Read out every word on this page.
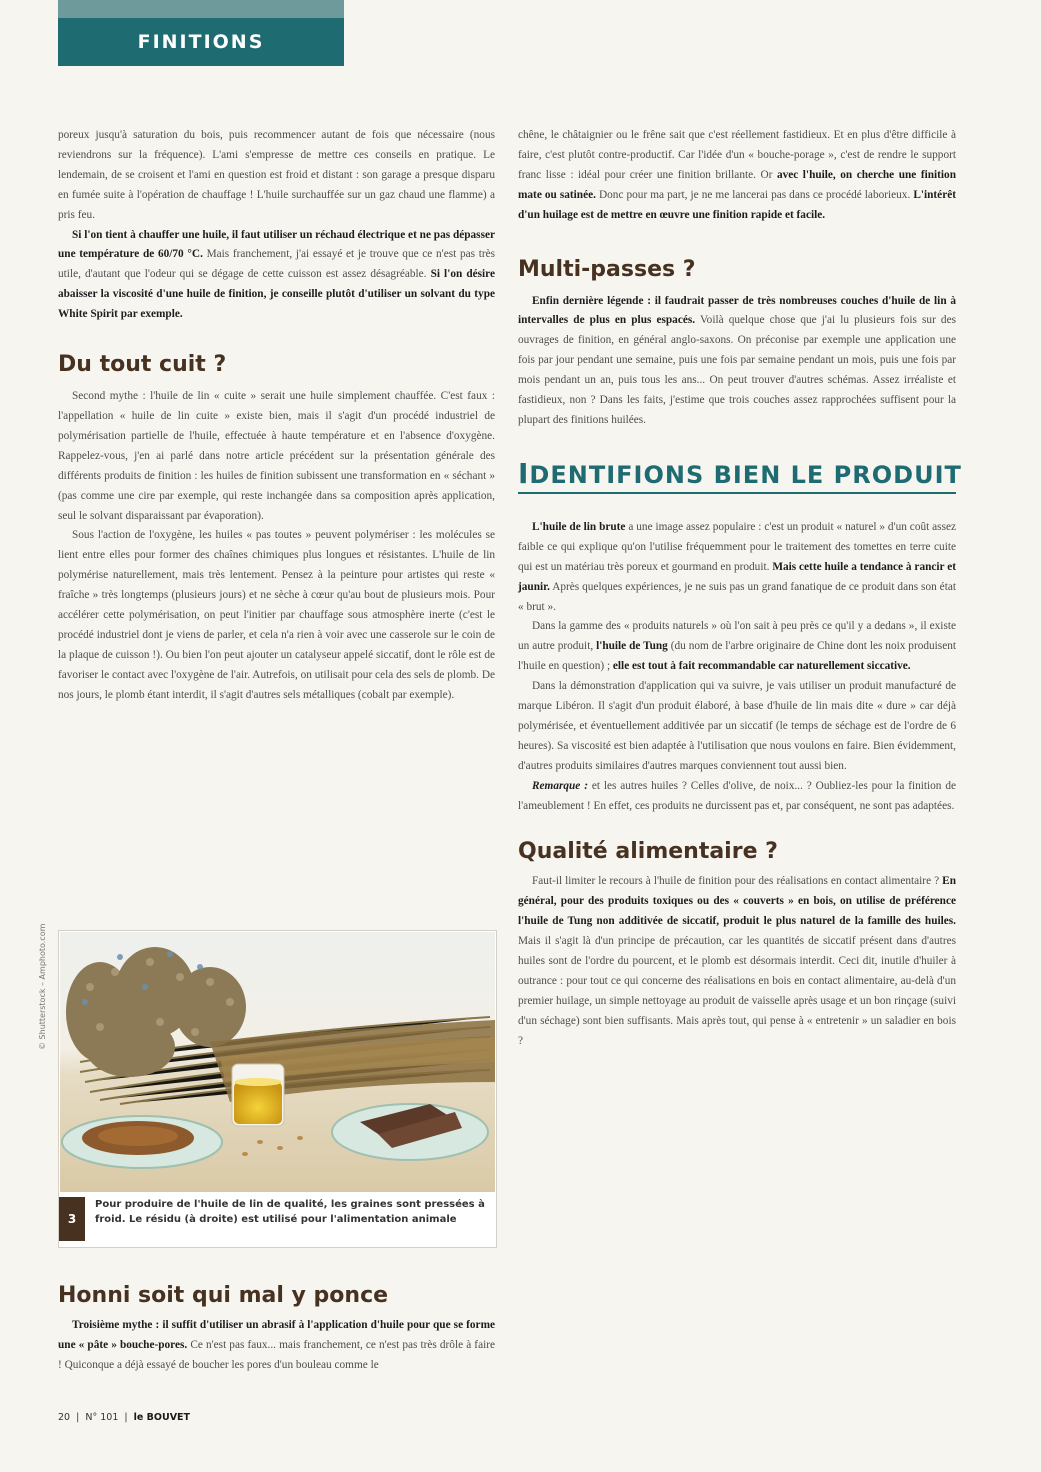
FINITIONS

poreux jusqu'à saturation du bois, puis recommencer autant de fois que nécessaire (nous reviendrons sur la fréquence). L'ami s'empresse de mettre ces conseils en pratique. Le lendemain, de se croisent et l'ami en question est froid et distant : son garage a presque disparu en fumée suite à l'opération de chauffage ! L'huile surchauffée sur un gaz chaud une flamme) a pris feu.

Si l'on tient à chauffer une huile, il faut utiliser un réchaud électrique et ne pas dépasser une température de 60/70 °C. Mais franchement, j'ai essayé et je trouve que ce n'est pas très utile, d'autant que l'odeur qui se dégage de cette cuisson est assez désagréable. Si l'on désire abaisser la viscosité d'une huile de finition, je conseille plutôt d'utiliser un solvant du type White Spirit par exemple.

Du tout cuit ?

Second mythe : l'huile de lin « cuite » serait une huile simplement chauffée. C'est faux : l'appellation « huile de lin cuite » existe bien, mais il s'agit d'un procédé industriel de polymérisation partielle de l'huile, effectuée à haute température et en l'absence d'oxygène. Rappelez-vous, j'en ai parlé dans notre article précédent sur la présentation générale des différents produits de finition : les huiles de finition subissent une transformation en « séchant » (pas comme une cire par exemple, qui reste inchangée dans sa composition après application, seul le solvant disparaissant par évaporation).

Sous l'action de l'oxygène, les huiles « pas toutes » peuvent polymériser : les molécules se lient entre elles pour former des chaînes chimiques plus longues et résistantes. L'huile de lin polymérise naturellement, mais très lentement. Pensez à la peinture pour artistes qui reste « fraîche » très longtemps (plusieurs jours) et ne sèche à cœur qu'au bout de plusieurs mois. Pour accélérer cette polymérisation, on peut l'initier par chauffage sous atmosphère inerte (c'est le procédé industriel dont je viens de parler, et cela n'a rien à voir avec une casserole sur le coin de la plaque de cuisson !). Ou bien l'on peut ajouter un catalyseur appelé siccatif, dont le rôle est de favoriser le contact avec l'oxygène de l'air. Autrefois, on utilisait pour cela des sels de plomb. De nos jours, le plomb étant interdit, il s'agit d'autres sels métalliques (cobalt par exemple).

3
Pour produire de l'huile de lin de qualité, les graines sont pressées à froid. Le résidu (à droite) est utilisé pour l'alimentation animale
© Shutterstock – Amphoto.com
Honni soit qui mal y ponce

Troisième mythe : il suffit d'utiliser un abrasif à l'application d'huile pour que se forme une « pâte » bouche-pores. Ce n'est pas faux... mais franchement, ce n'est pas très drôle à faire ! Quiconque a déjà essayé de boucher les pores d'un bouleau comme le

chêne, le châtaignier ou le frêne sait que c'est réellement fastidieux. Et en plus d'être difficile à faire, c'est plutôt contre-productif. Car l'idée d'un « bouche-porage », c'est de rendre le support franc lisse : idéal pour créer une finition brillante. Or avec l'huile, on cherche une finition mate ou satinée. Donc pour ma part, je ne me lancerai pas dans ce procédé laborieux. L'intérêt d'un huilage est de mettre en œuvre une finition rapide et facile.

Multi-passes ?

Enfin dernière légende : il faudrait passer de très nombreuses couches d'huile de lin à intervalles de plus en plus espacés. Voilà quelque chose que j'ai lu plusieurs fois sur des ouvrages de finition, en général anglo-saxons. On préconise par exemple une application une fois par jour pendant une semaine, puis une fois par semaine pendant un mois, puis une fois par mois pendant un an, puis tous les ans... On peut trouver d'autres schémas. Assez irréaliste et fastidieux, non ? Dans les faits, j'estime que trois couches assez rapprochées suffisent pour la plupart des finitions huilées.

IDENTIFIONS BIEN LE PRODUIT

L'huile de lin brute a une image assez populaire : c'est un produit « naturel » d'un coût assez faible ce qui explique qu'on l'utilise fréquemment pour le traitement des tomettes en terre cuite qui est un matériau très poreux et gourmand en produit. Mais cette huile a tendance à rancir et jaunir. Après quelques expériences, je ne suis pas un grand fanatique de ce produit dans son état « brut ».

Dans la gamme des « produits naturels » où l'on sait à peu près ce qu'il y a dedans », il existe un autre produit, l'huile de Tung (du nom de l'arbre originaire de Chine dont les noix produisent l'huile en question) ; elle est tout à fait recommandable car naturellement siccative.

Dans la démonstration d'application qui va suivre, je vais utiliser un produit manufacturé de marque Libéron. Il s'agit d'un produit élaboré, à base d'huile de lin mais dite « dure » car déjà polymérisée, et éventuellement additivée par un siccatif (le temps de séchage est de l'ordre de 6 heures). Sa viscosité est bien adaptée à l'utilisation que nous voulons en faire. Bien évidemment, d'autres produits similaires d'autres marques conviennent tout aussi bien.

Remarque : et les autres huiles ? Celles d'olive, de noix... ? Oubliez-les pour la finition de l'ameublement ! En effet, ces produits ne durcissent pas et, par conséquent, ne sont pas adaptées.

Qualité alimentaire ?

Faut-il limiter le recours à l'huile de finition pour des réalisations en contact alimentaire ? En général, pour des produits toxiques ou des « couverts » en bois, on utilise de préférence l'huile de Tung non additivée de siccatif, produit le plus naturel de la famille des huiles. Mais il s'agit là d'un principe de précaution, car les quantités de siccatif présent dans d'autres huiles sont de l'ordre du pourcent, et le plomb est désormais interdit. Ceci dit, inutile d'huiler à outrance : pour tout ce qui concerne des réalisations en bois en contact alimentaire, au-delà d'un premier huilage, un simple nettoyage au produit de vaisselle après usage et un bon rinçage (suivi d'un séchage) sont bien suffisants. Mais après tout, qui pense à « entretenir » un saladier en bois ?

20  |  N° 101  |  le BOUVET
